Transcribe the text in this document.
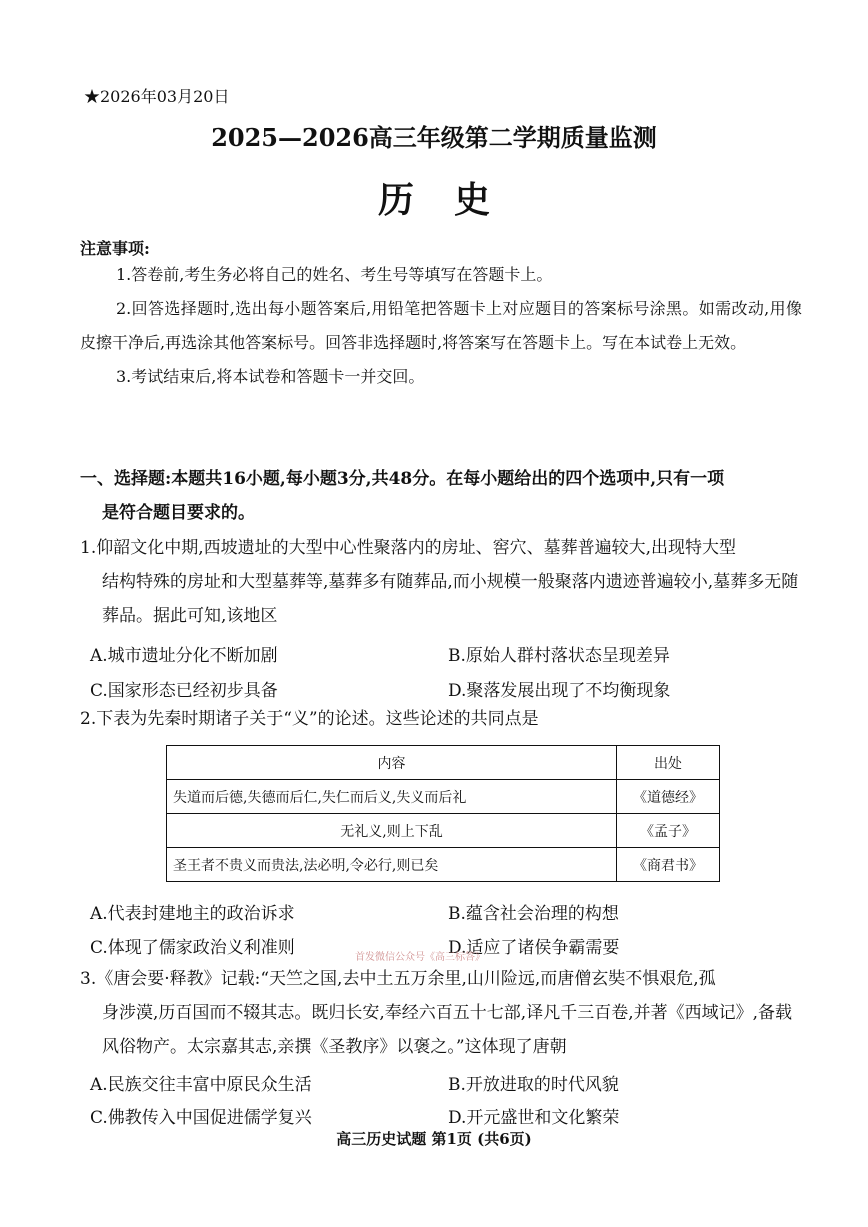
★2026年03月20日
2025—2026高三年级第二学期质量监测
历史
注意事项:

1.答卷前,考生务必将自己的姓名、考生号等填写在答题卡上。

2.回答选择题时,选出每小题答案后,用铅笔把答题卡上对应题目的答案标号涂黑。如需改动,用像皮擦干净后,再选涂其他答案标号。回答非选择题时,将答案写在答题卡上。写在本试卷上无效。

3.考试结束后,将本试卷和答题卡一并交回。

一、选择题:本题共16小题,每小题3分,共48分。在每小题给出的四个选项中,只有一项
是符合题目要求的。
1.仰韶文化中期,西坡遗址的大型中心性聚落内的房址、窖穴、墓葬普遍较大,出现特大型
结构特殊的房址和大型墓葬等,墓葬多有随葬品,而小规模一般聚落内遗迹普遍较小,墓葬多无随葬品。据此可知,该地区
A.城市遗址分化不断加剧	B.原始人群村落状态呈现差异
C.国家形态已经初步具备	D.聚落发展出现了不均衡现象
2.下表为先秦时期诸子关于“义”的论述。这些论述的共同点是
内容	出处
失道而后德,失德而后仁,失仁而后义,失义而后礼	《道德经》
无礼义,则上下乱	《孟子》
圣王者不贵义而贵法,法必明,令必行,则已矣	《商君书》
A.代表封建地主的政治诉求	B.蕴含社会治理的构想
C.体现了儒家政治义利准则	D.适应了诸侯争霸需要
首发微信公众号《高三标答》
3.《唐会要·释教》记载:“天竺之国,去中土五万余里,山川险远,而唐僧玄奘不惧艰危,孤
身涉漠,历百国而不辍其志。既归长安,奉经六百五十七部,译凡千三百卷,并著《西域记》,备载风俗物产。太宗嘉其志,亲撰《圣教序》以褒之。”这体现了唐朝
A.民族交往丰富中原民众生活	B.开放进取的时代风貌
C.佛教传入中国促进儒学复兴	D.开元盛世和文化繁荣
高三历史试题 第1页 (共6页)
